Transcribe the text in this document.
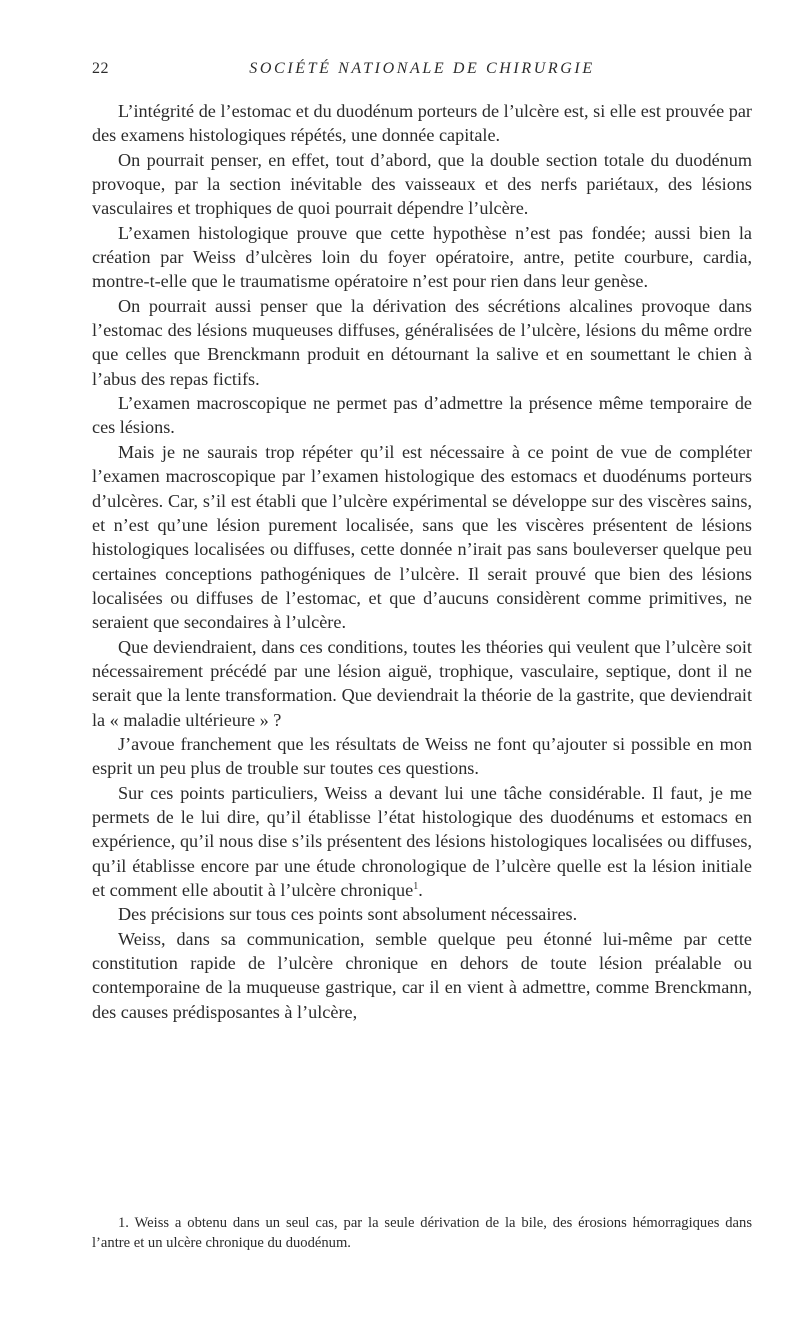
22	SOCIÉTÉ NATIONALE DE CHIRURGIE

L’intégrité de l’estomac et du duodénum porteurs de l’ulcère est, si elle est prouvée par des examens histologiques répétés, une donnée capitale.

On pourrait penser, en effet, tout d’abord, que la double section totale du duodénum provoque, par la section inévitable des vaisseaux et des nerfs pariétaux, des lésions vasculaires et trophiques de quoi pourrait dépendre l’ulcère.

L’examen histologique prouve que cette hypothèse n’est pas fondée; aussi bien la création par Weiss d’ulcères loin du foyer opératoire, antre, petite courbure, cardia, montre-t-elle que le traumatisme opératoire n’est pour rien dans leur genèse.

On pourrait aussi penser que la dérivation des sécrétions alcalines provoque dans l’estomac des lésions muqueuses diffuses, généralisées de l’ulcère, lésions du même ordre que celles que Brenckmann produit en détournant la salive et en soumettant le chien à l’abus des repas fictifs.

L’examen macroscopique ne permet pas d’admettre la présence même temporaire de ces lésions.

Mais je ne saurais trop répéter qu’il est nécessaire à ce point de vue de compléter l’examen macroscopique par l’examen histologique des estomacs et duodénums porteurs d’ulcères. Car, s’il est établi que l’ulcère expérimental se développe sur des viscères sains, et n’est qu’une lésion purement localisée, sans que les viscères présentent de lésions histologiques localisées ou diffuses, cette donnée n’irait pas sans bouleverser quelque peu certaines conceptions pathogéniques de l’ulcère. Il serait prouvé que bien des lésions localisées ou diffuses de l’estomac, et que d’aucuns considèrent comme primitives, ne seraient que secondaires à l’ulcère.

Que deviendraient, dans ces conditions, toutes les théories qui veulent que l’ulcère soit nécessairement précédé par une lésion aiguë, trophique, vasculaire, septique, dont il ne serait que la lente transformation. Que deviendrait la théorie de la gastrite, que deviendrait la « maladie ultérieure » ?

J’avoue franchement que les résultats de Weiss ne font qu’ajouter si possible en mon esprit un peu plus de trouble sur toutes ces questions.

Sur ces points particuliers, Weiss a devant lui une tâche considérable. Il faut, je me permets de le lui dire, qu’il établisse l’état histologique des duodénums et estomacs en expérience, qu’il nous dise s’ils présentent des lésions histologiques localisées ou diffuses, qu’il établisse encore par une étude chronologique de l’ulcère quelle est la lésion initiale et comment elle aboutit à l’ulcère chronique$^1$.

Des précisions sur tous ces points sont absolument nécessaires.

Weiss, dans sa communication, semble quelque peu étonné lui-même par cette constitution rapide de l’ulcère chronique en dehors de toute lésion préalable ou contemporaine de la muqueuse gastrique, car il en vient à admettre, comme Brenckmann, des causes prédisposantes à l’ulcère,

1. Weiss a obtenu dans un seul cas, par la seule dérivation de la bile, des érosions hémorragiques dans l’antre et un ulcère chronique du duodénum.
